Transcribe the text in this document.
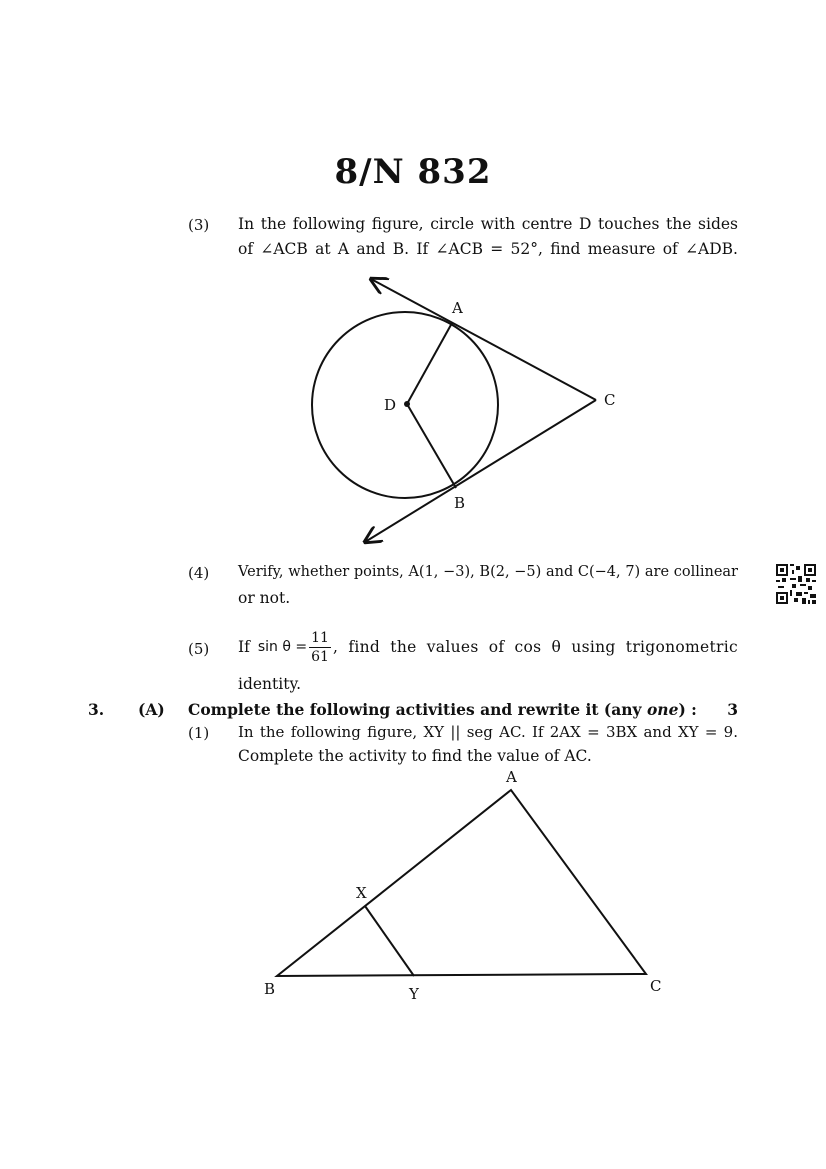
8/N 832
(3) In the following figure, circle with centre D touches the sides
of ∠ACB at A and B. If ∠ACB = 52°, find measure of ∠ADB.
A
B
C
D
(4) Verify, whether points, A(1, −3), B(2, −5) and C(−4, 7) are collinear
or not.
(5) If $\sin \theta = \frac{11}{61}$ , find the values of cos θ using trigonometric
identity.
3. (A) Complete the following activities and rewrite it (any one ) : 3
(1) In the following figure, XY || seg AC. If 2AX = 3BX and XY = 9.
Complete the activity to find the value of AC.
A
B	C
X
Y
